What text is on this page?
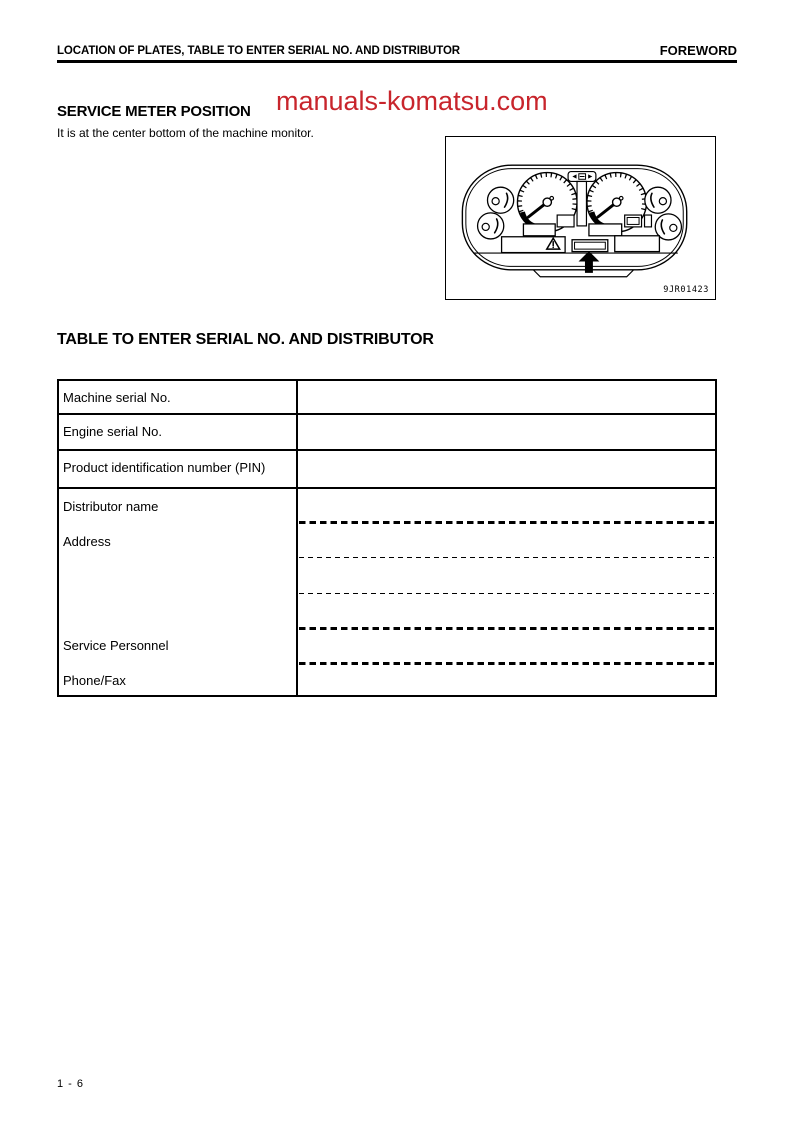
LOCATION OF PLATES, TABLE TO ENTER SERIAL NO. AND DISTRIBUTOR	FOREWORD
manuals-komatsu.com
SERVICE METER POSITION
It is at the center bottom of the machine monitor.
9JR01423
TABLE TO ENTER SERIAL NO. AND DISTRIBUTOR
Machine serial No.
Engine serial No.
Product identification number (PIN)
Distributor name
Address
Service Personnel
Phone/Fax
1 - 6
